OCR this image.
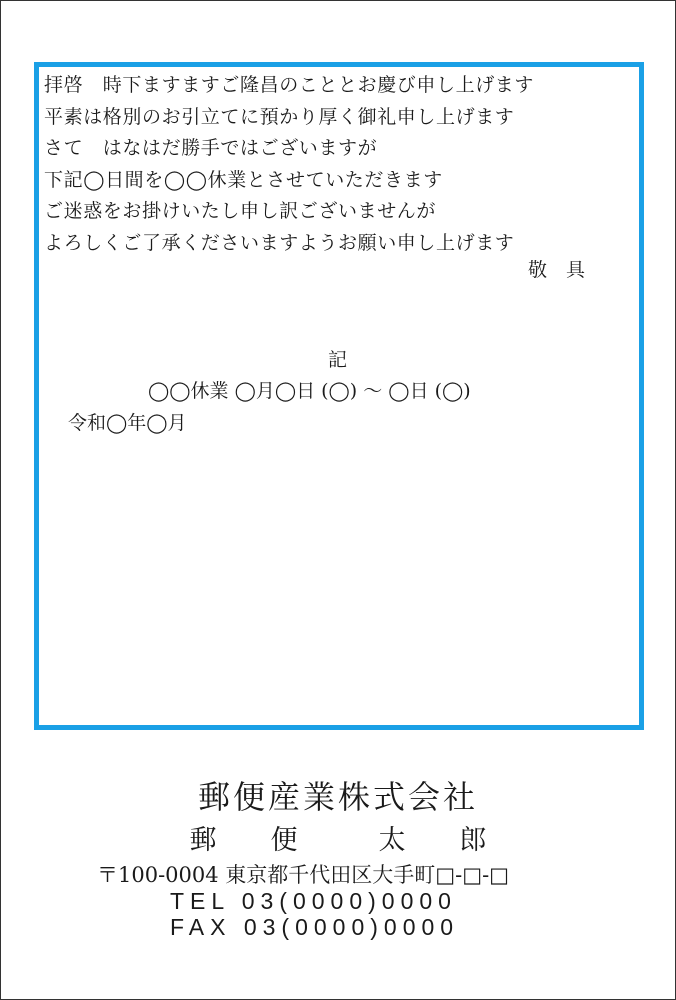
拝啓　時下ますますご隆昌のこととお慶び申し上げます
平素は格別のお引立てに預かり厚く御礼申し上げます
さて　はなはだ勝手ではございますが
下記◯日間を◯◯休業とさせていただきます
ご迷惑をお掛けいたし申し訳ございませんが
よろしくご了承くださいますようお願い申し上げます
敬　具
記
◯◯休業 ◯月◯日 (◯) 〜 ◯日 (◯)
令和◯年◯月
郵便産業株式会社
郵　　便　　　太　　郎
〒100-0004 東京都千代田区大手町□-□-□
TEL 03(0000)0000
FAX 03(0000)0000
